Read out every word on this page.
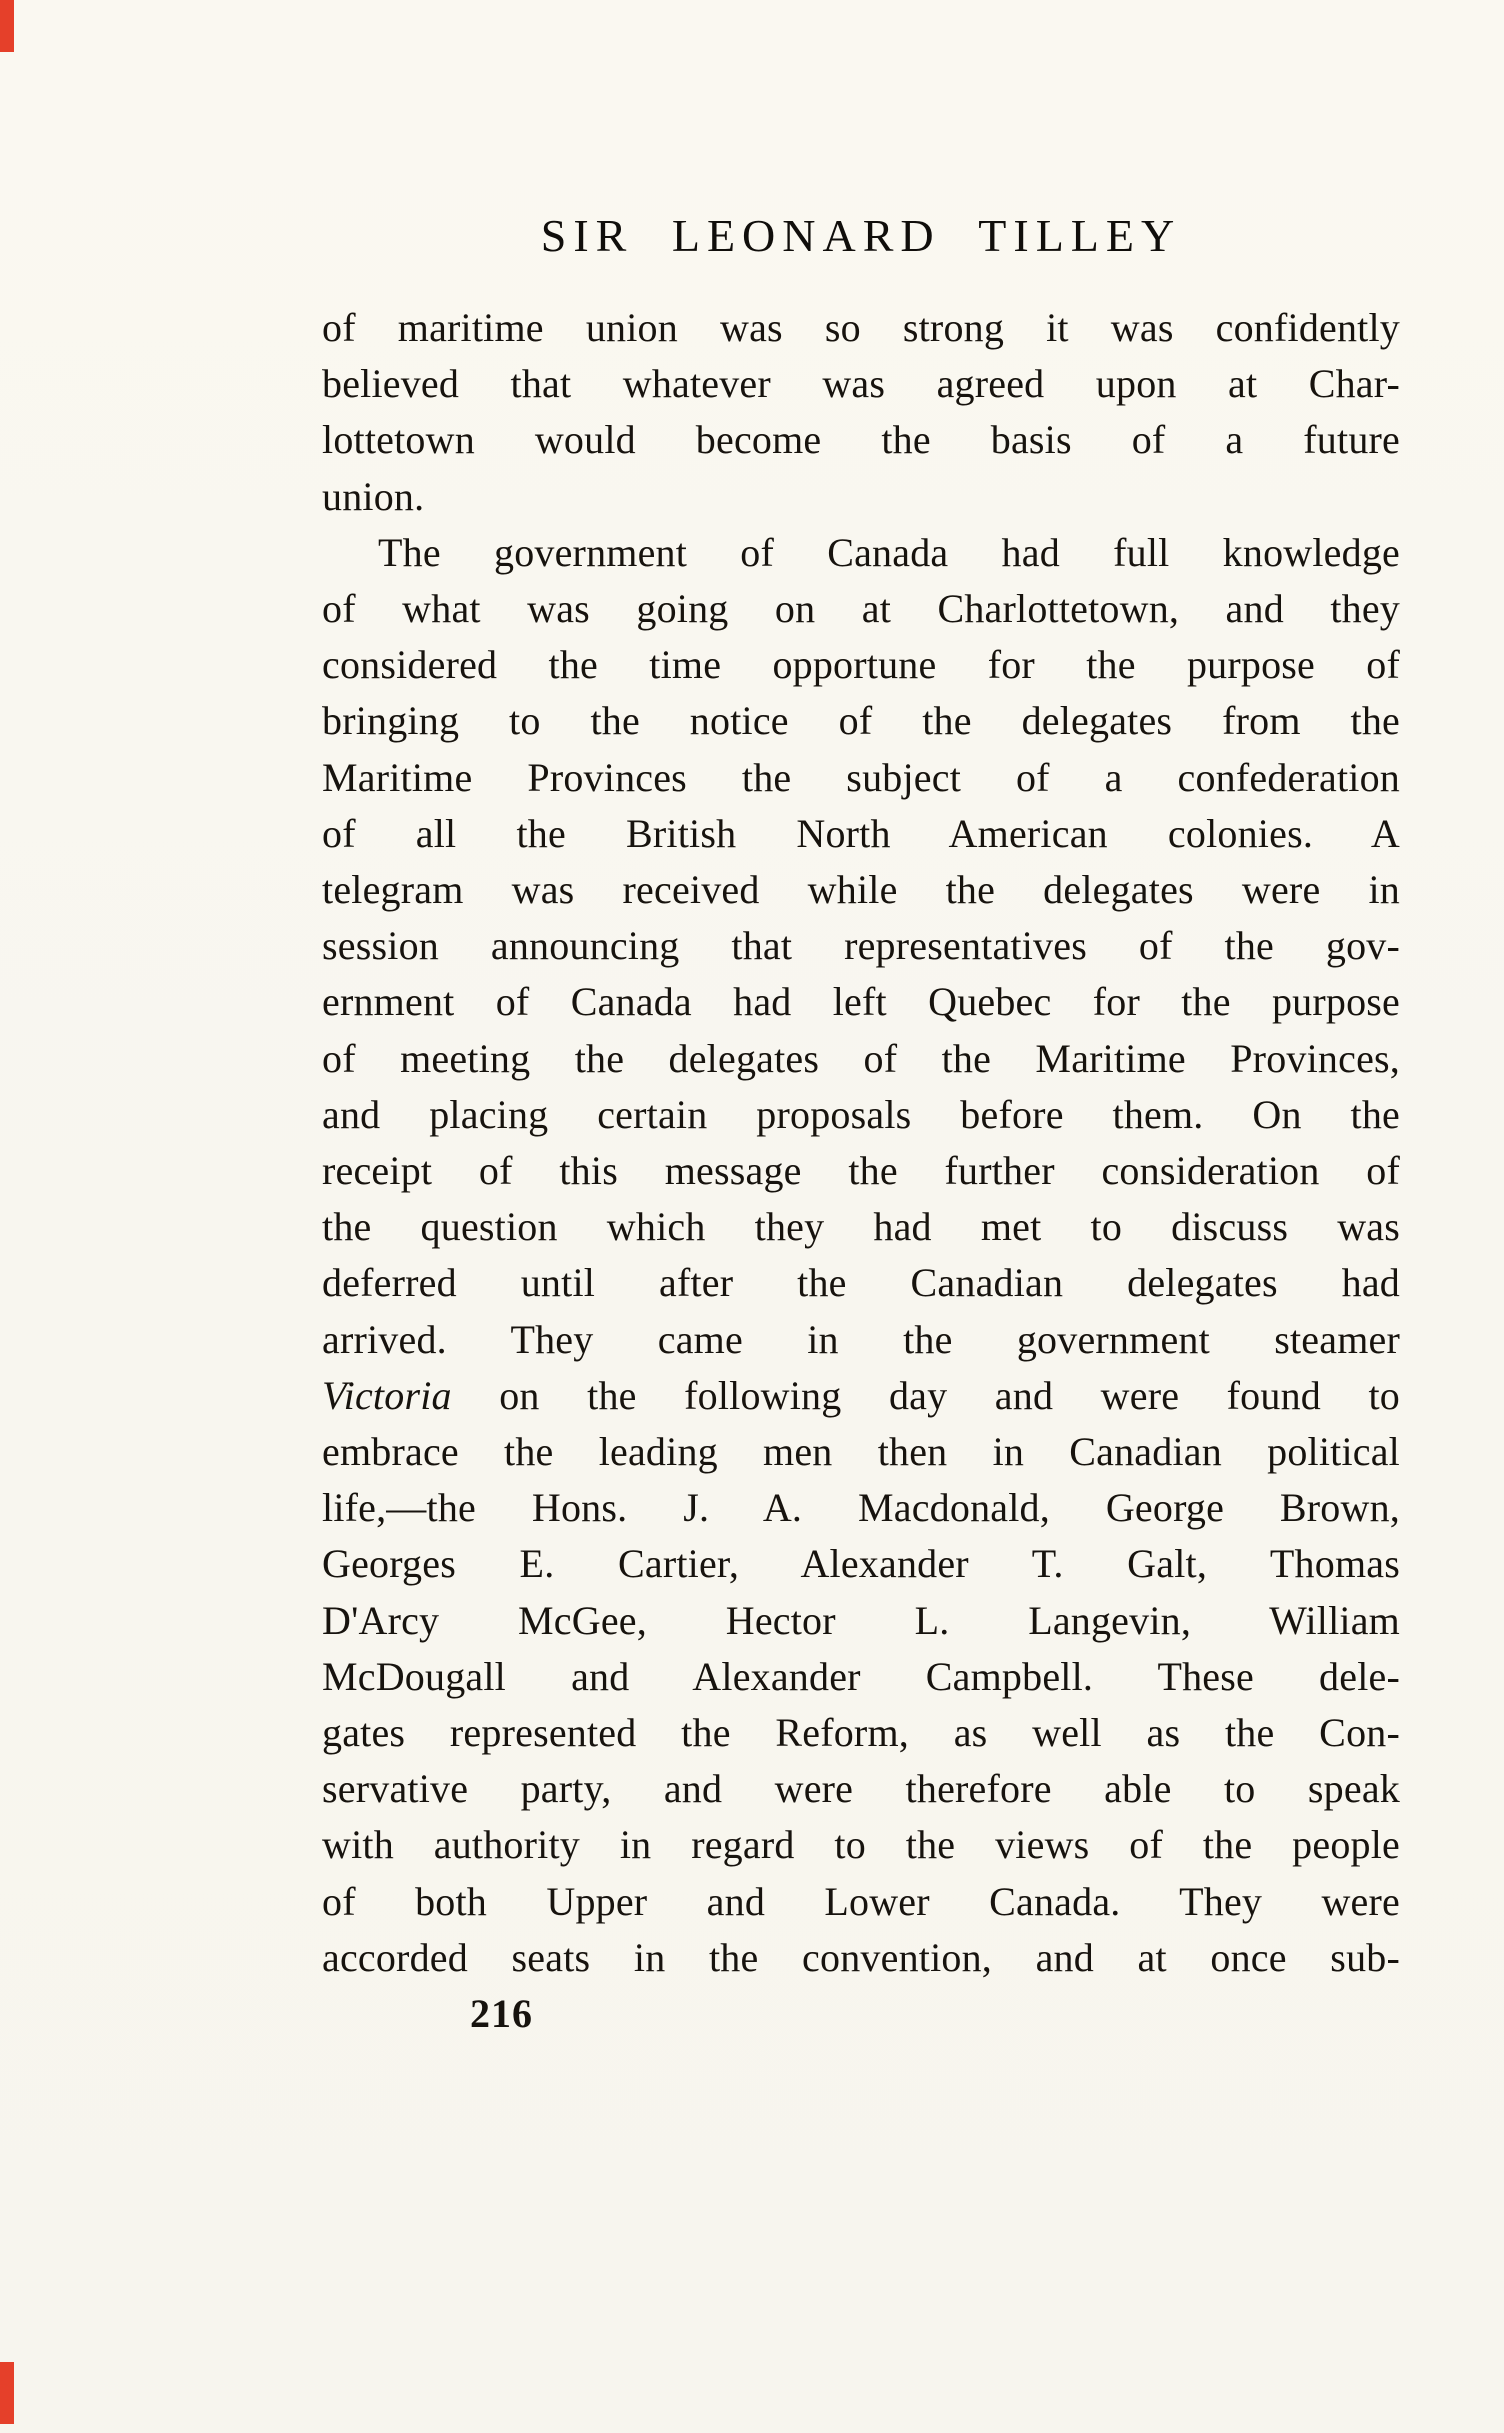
SIR LEONARD TILLEY
of maritime union was so strong it was confidently
believed that whatever was agreed upon at Char-
lottetown would become the basis of a future
union.
The government of Canada had full knowledge
of what was going on at Charlottetown, and they
considered the time opportune for the purpose of
bringing to the notice of the delegates from the
Maritime Provinces the subject of a confederation
of all the British North American colonies. A
telegram was received while the delegates were in
session announcing that representatives of the gov-
ernment of Canada had left Quebec for the purpose
of meeting the delegates of the Maritime Provinces,
and placing certain proposals before them. On the
receipt of this message the further consideration of
the question which they had met to discuss was
deferred until after the Canadian delegates had
arrived. They came in the government steamer
Victoria on the following day and were found to
embrace the leading men then in Canadian political
life,—the Hons. J. A. Macdonald, George Brown,
Georges E. Cartier, Alexander T. Galt, Thomas
D'Arcy McGee, Hector L. Langevin, William
McDougall and Alexander Campbell. These dele-
gates represented the Reform, as well as the Con-
servative party, and were therefore able to speak
with authority in regard to the views of the people
of both Upper and Lower Canada. They were
accorded seats in the convention, and at once sub-
216
